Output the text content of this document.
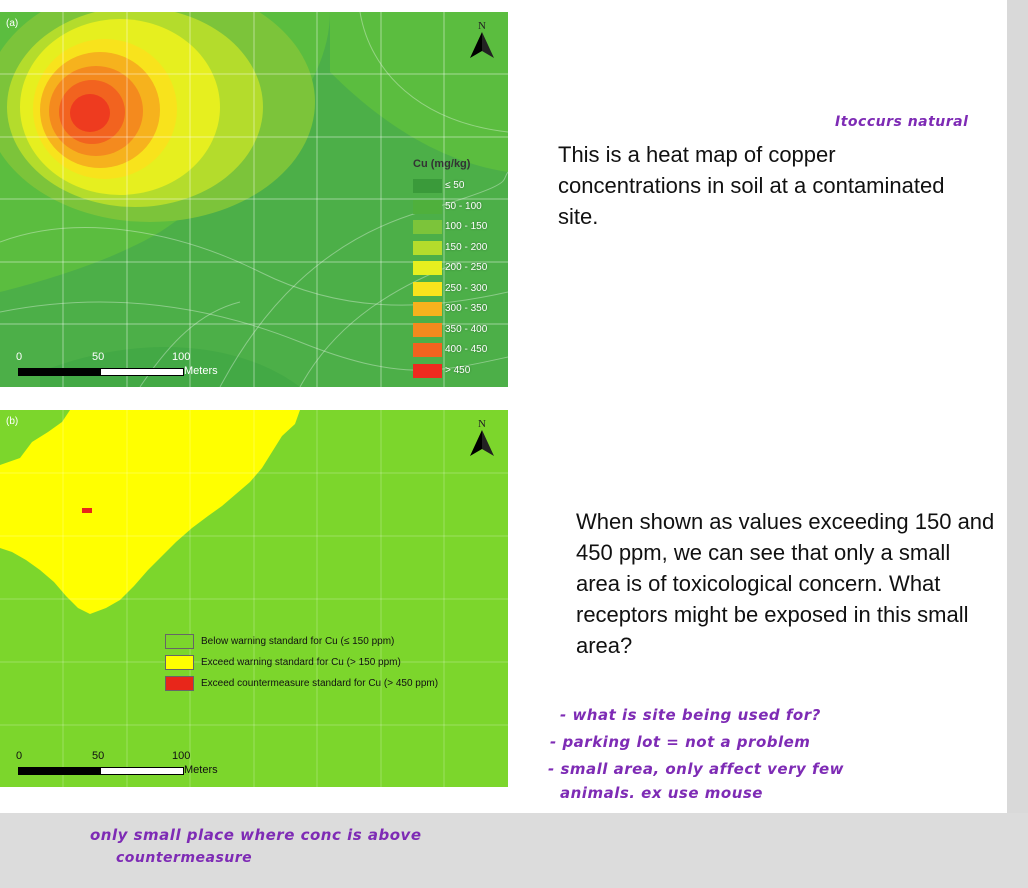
(a)	N
Cu (mg/kg)
≤ 50
50 - 100
100 - 150
150 - 200
200 - 250
250 - 300
300 - 350
350 - 400
400 - 450
> 450
0	50	100
Meters
(b)	N
Below warning standard for Cu (≤ 150 ppm)
Exceed warning standard for Cu (> 150 ppm)
Exceed countermeasure standard for Cu (> 450 ppm)
0	50	100
Meters

This is a heat map of copper concentrations in soil at a contaminated site.

When shown as values exceeding 150 and 450 ppm, we can see that only a small area is of toxicological concern. What receptors might be exposed in this small area?

Itoccurs natural
- what is site being used for?
- parking lot = not a problem
- small area, only affect very few
animals. ex use mouse
only small place where conc is above
countermeasure
